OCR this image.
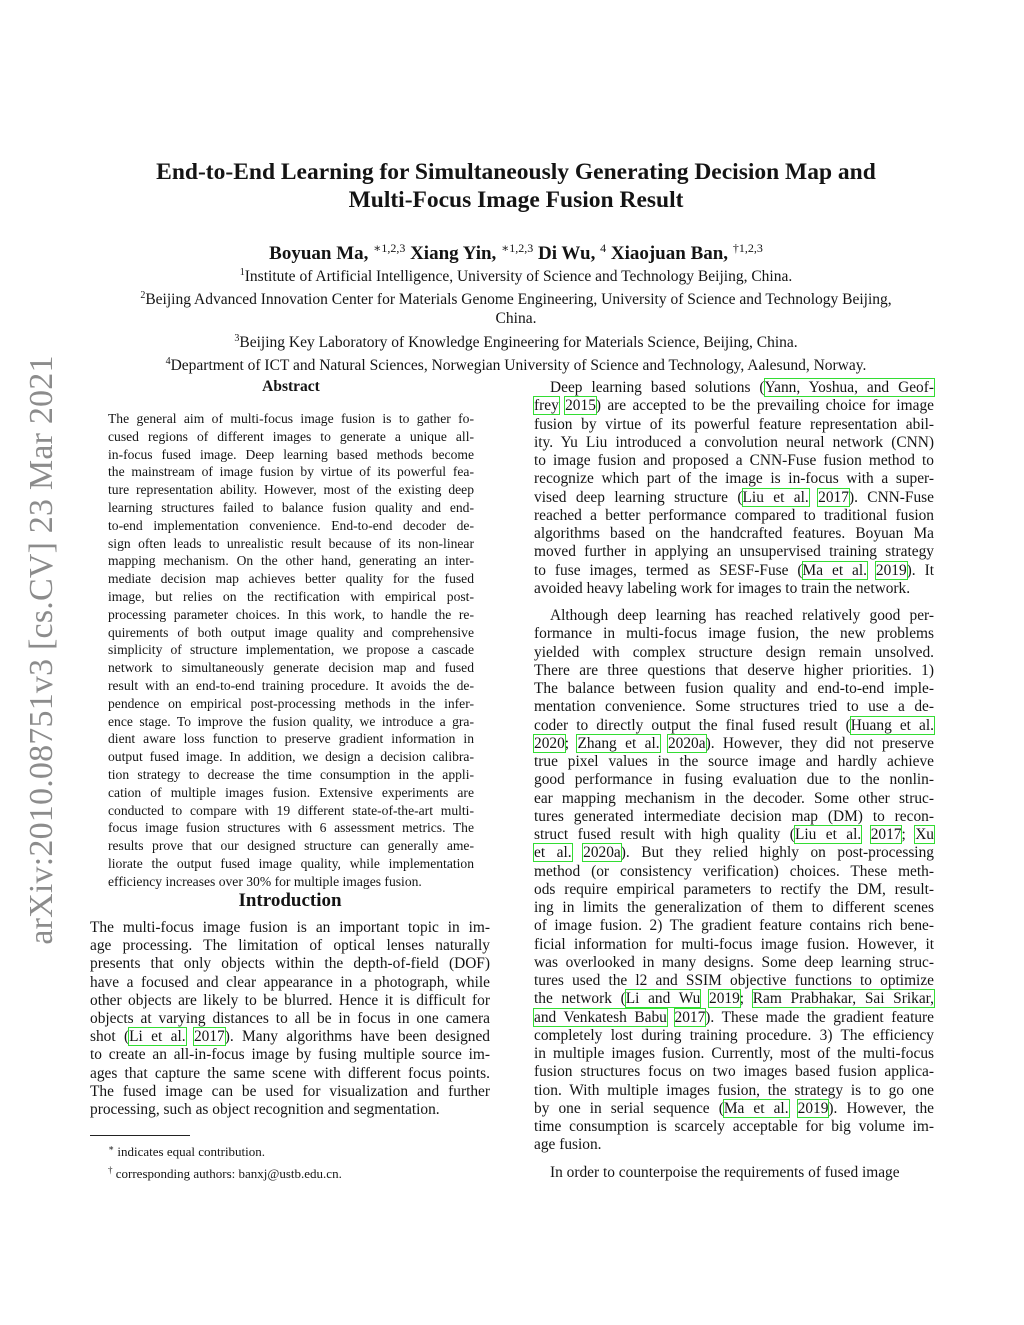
arXiv:2010.08751v3 [cs.CV] 23 Mar 2021
End-to-End Learning for Simultaneously Generating Decision Map and
Multi-Focus Image Fusion Result
Boyuan Ma, $^{∗1,2,3}$ Xiang Yin, $^{∗1,2,3}$ Di Wu, $^4$ Xiaojuan Ban, $^{\dagger 1,2,3}$
$^1$Institute of Artificial Intelligence, University of Science and Technology Beijing, China.
$^2$Beijing Advanced Innovation Center for Materials Genome Engineering, University of Science and Technology Beijing,
China.
$^3$Beijing Key Laboratory of Knowledge Engineering for Materials Science, Beijing, China.
$^4$Department of ICT and Natural Sciences, Norwegian University of Science and Technology, Aalesund, Norway.
Abstract
The general aim of multi-focus image fusion is to gather fo-
cused regions of different images to generate a unique all-
in-focus fused image. Deep learning based methods become
the mainstream of image fusion by virtue of its powerful fea-
ture representation ability. However, most of the existing deep
learning structures failed to balance fusion quality and end-
to-end implementation convenience. End-to-end decoder de-
sign often leads to unrealistic result because of its non-linear
mapping mechanism. On the other hand, generating an inter-
mediate decision map achieves better quality for the fused
image, but relies on the rectification with empirical post-
processing parameter choices. In this work, to handle the re-
quirements of both output image quality and comprehensive
simplicity of structure implementation, we propose a cascade
network to simultaneously generate decision map and fused
result with an end-to-end training procedure. It avoids the de-
pendence on empirical post-processing methods in the infer-
ence stage. To improve the fusion quality, we introduce a gra-
dient aware loss function to preserve gradient information in
output fused image. In addition, we design a decision calibra-
tion strategy to decrease the time consumption in the appli-
cation of multiple images fusion. Extensive experiments are
conducted to compare with 19 different state-of-the-art multi-
focus image fusion structures with 6 assessment metrics. The
results prove that our designed structure can generally ame-
liorate the output fused image quality, while implementation
efficiency increases over 30% for multiple images fusion.
Introduction
The multi-focus image fusion is an important topic in im-
age processing. The limitation of optical lenses naturally
presents that only objects within the depth-of-field (DOF)
have a focused and clear appearance in a photograph, while
other objects are likely to be blurred. Hence it is difficult for
objects at varying distances to all be in focus in one camera
shot (Li et al. 2017). Many algorithms have been designed
to create an all-in-focus image by fusing multiple source im-
ages that capture the same scene with different focus points.
The fused image can be used for visualization and further
processing, such as object recognition and segmentation.
∗ indicates equal contribution.
† corresponding authors: banxj@ustb.edu.cn.
Deep learning based solutions (Yann, Yoshua, and Geof-
frey 2015) are accepted to be the prevailing choice for image
fusion by virtue of its powerful feature representation abil-
ity. Yu Liu introduced a convolution neural network (CNN)
to image fusion and proposed a CNN-Fuse fusion method to
recognize which part of the image is in-focus with a super-
vised deep learning structure (Liu et al. 2017). CNN-Fuse
reached a better performance compared to traditional fusion
algorithms based on the handcrafted features. Boyuan Ma
moved further in applying an unsupervised training strategy
to fuse images, termed as SESF-Fuse (Ma et al. 2019). It
avoided heavy labeling work for images to train the network.
Although deep learning has reached relatively good per-
formance in multi-focus image fusion, the new problems
yielded with complex structure design remain unsolved.
There are three questions that deserve higher priorities. 1)
The balance between fusion quality and end-to-end imple-
mentation convenience. Some structures tried to use a de-
coder to directly output the final fused result (Huang et al.
2020; Zhang et al. 2020a). However, they did not preserve
true pixel values in the source image and hardly achieve
good performance in fusing evaluation due to the nonlin-
ear mapping mechanism in the decoder. Some other struc-
tures generated intermediate decision map (DM) to recon-
struct fused result with high quality (Liu et al. 2017; Xu
et al. 2020a). But they relied highly on post-processing
method (or consistency verification) choices. These meth-
ods require empirical parameters to rectify the DM, result-
ing in limits the generalization of them to different scenes
of image fusion. 2) The gradient feature contains rich bene-
ficial information for multi-focus image fusion. However, it
was overlooked in many designs. Some deep learning struc-
tures used the l2 and SSIM objective functions to optimize
the network (Li and Wu 2019; Ram Prabhakar, Sai Srikar,
and Venkatesh Babu 2017). These made the gradient feature
completely lost during training procedure. 3) The efficiency
in multiple images fusion. Currently, most of the multi-focus
fusion structures focus on two images based fusion applica-
tion. With multiple images fusion, the strategy is to go one
by one in serial sequence (Ma et al. 2019). However, the
time consumption is scarcely acceptable for big volume im-
age fusion.
In order to counterpoise the requirements of fused image
